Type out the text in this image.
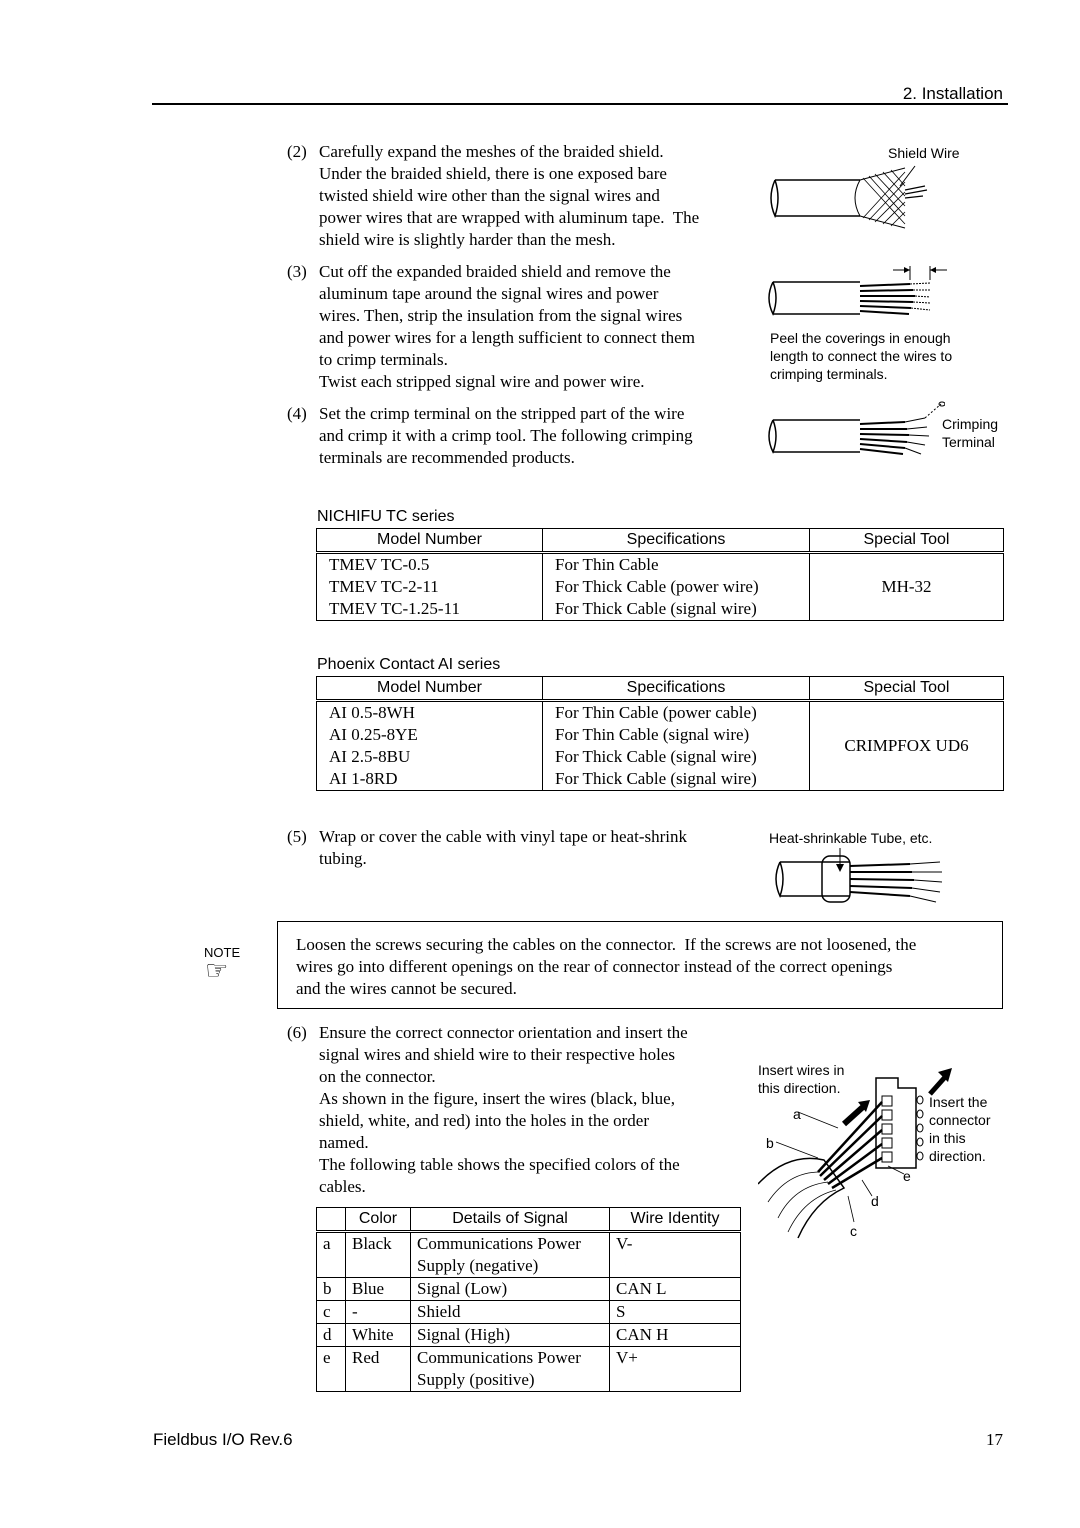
2. Installation
(2) Carefully expand the meshes of the braided shield.
Under the braided shield, there is one exposed bare
twisted shield wire other than the signal wires and
power wires that are wrapped with aluminum tape.  The
shield wire is slightly harder than the mesh.
Shield Wire
(3) Cut off the expanded braided shield and remove the
aluminum tape around the signal wires and power
wires. Then, strip the insulation from the signal wires
and power wires for a length sufficient to connect them
to crimp terminals.
Twist each stripped signal wire and power wire.
Peel the coverings in enough
length to connect the wires to
crimping terminals.
(4) Set the crimp terminal on the stripped part of the wire
and crimp it with a crimp tool. The following crimping
terminals are recommended products.
Crimping
Terminal
NICHIFU TC series
Model Number	Specifications	Special Tool
TMEV TC-0.5	For Thin Cable	MH-32
TMEV TC-2-11	For Thick Cable (power wire)	
TMEV TC-1.25-11	For Thick Cable (signal wire)	
Phoenix Contact AI series
Model Number	Specifications	Special Tool
AI 0.5-8WH	For Thin Cable (power cable)	CRIMPFOX UD6
AI 0.25-8YE	For Thin Cable (signal wire)	
AI 2.5-8BU	For Thick Cable (signal wire)	
AI 1-8RD	For Thick Cable (signal wire)	
(5) Wrap or cover the cable with vinyl tape or heat-shrink
tubing.
Heat-shrinkable Tube, etc.
NOTE
☞
Loosen the screws securing the cables on the connector.  If the screws are not loosened, the
wires go into different openings on the rear of connector instead of the correct openings
and the wires cannot be secured.
(6) Ensure the correct connector orientation and insert the
signal wires and shield wire to their respective holes
on the connector.
As shown in the figure, insert the wires (black, blue,
shield, white, and red) into the holes in the order
named.
The following table shows the specified colors of the
cables.
Insert wires in
this direction.
Insert the
connector
in this
direction.
a
b
c
d
e
	Color	Details of Signal	Wire Identity
a	Black	Communications Power Supply (negative)	V-
b	Blue	Signal (Low)	CAN L
c	-	Shield	S
d	White	Signal (High)	CAN H
e	Red	Communications Power Supply (positive)	V+
Fieldbus I/O Rev.6	17
